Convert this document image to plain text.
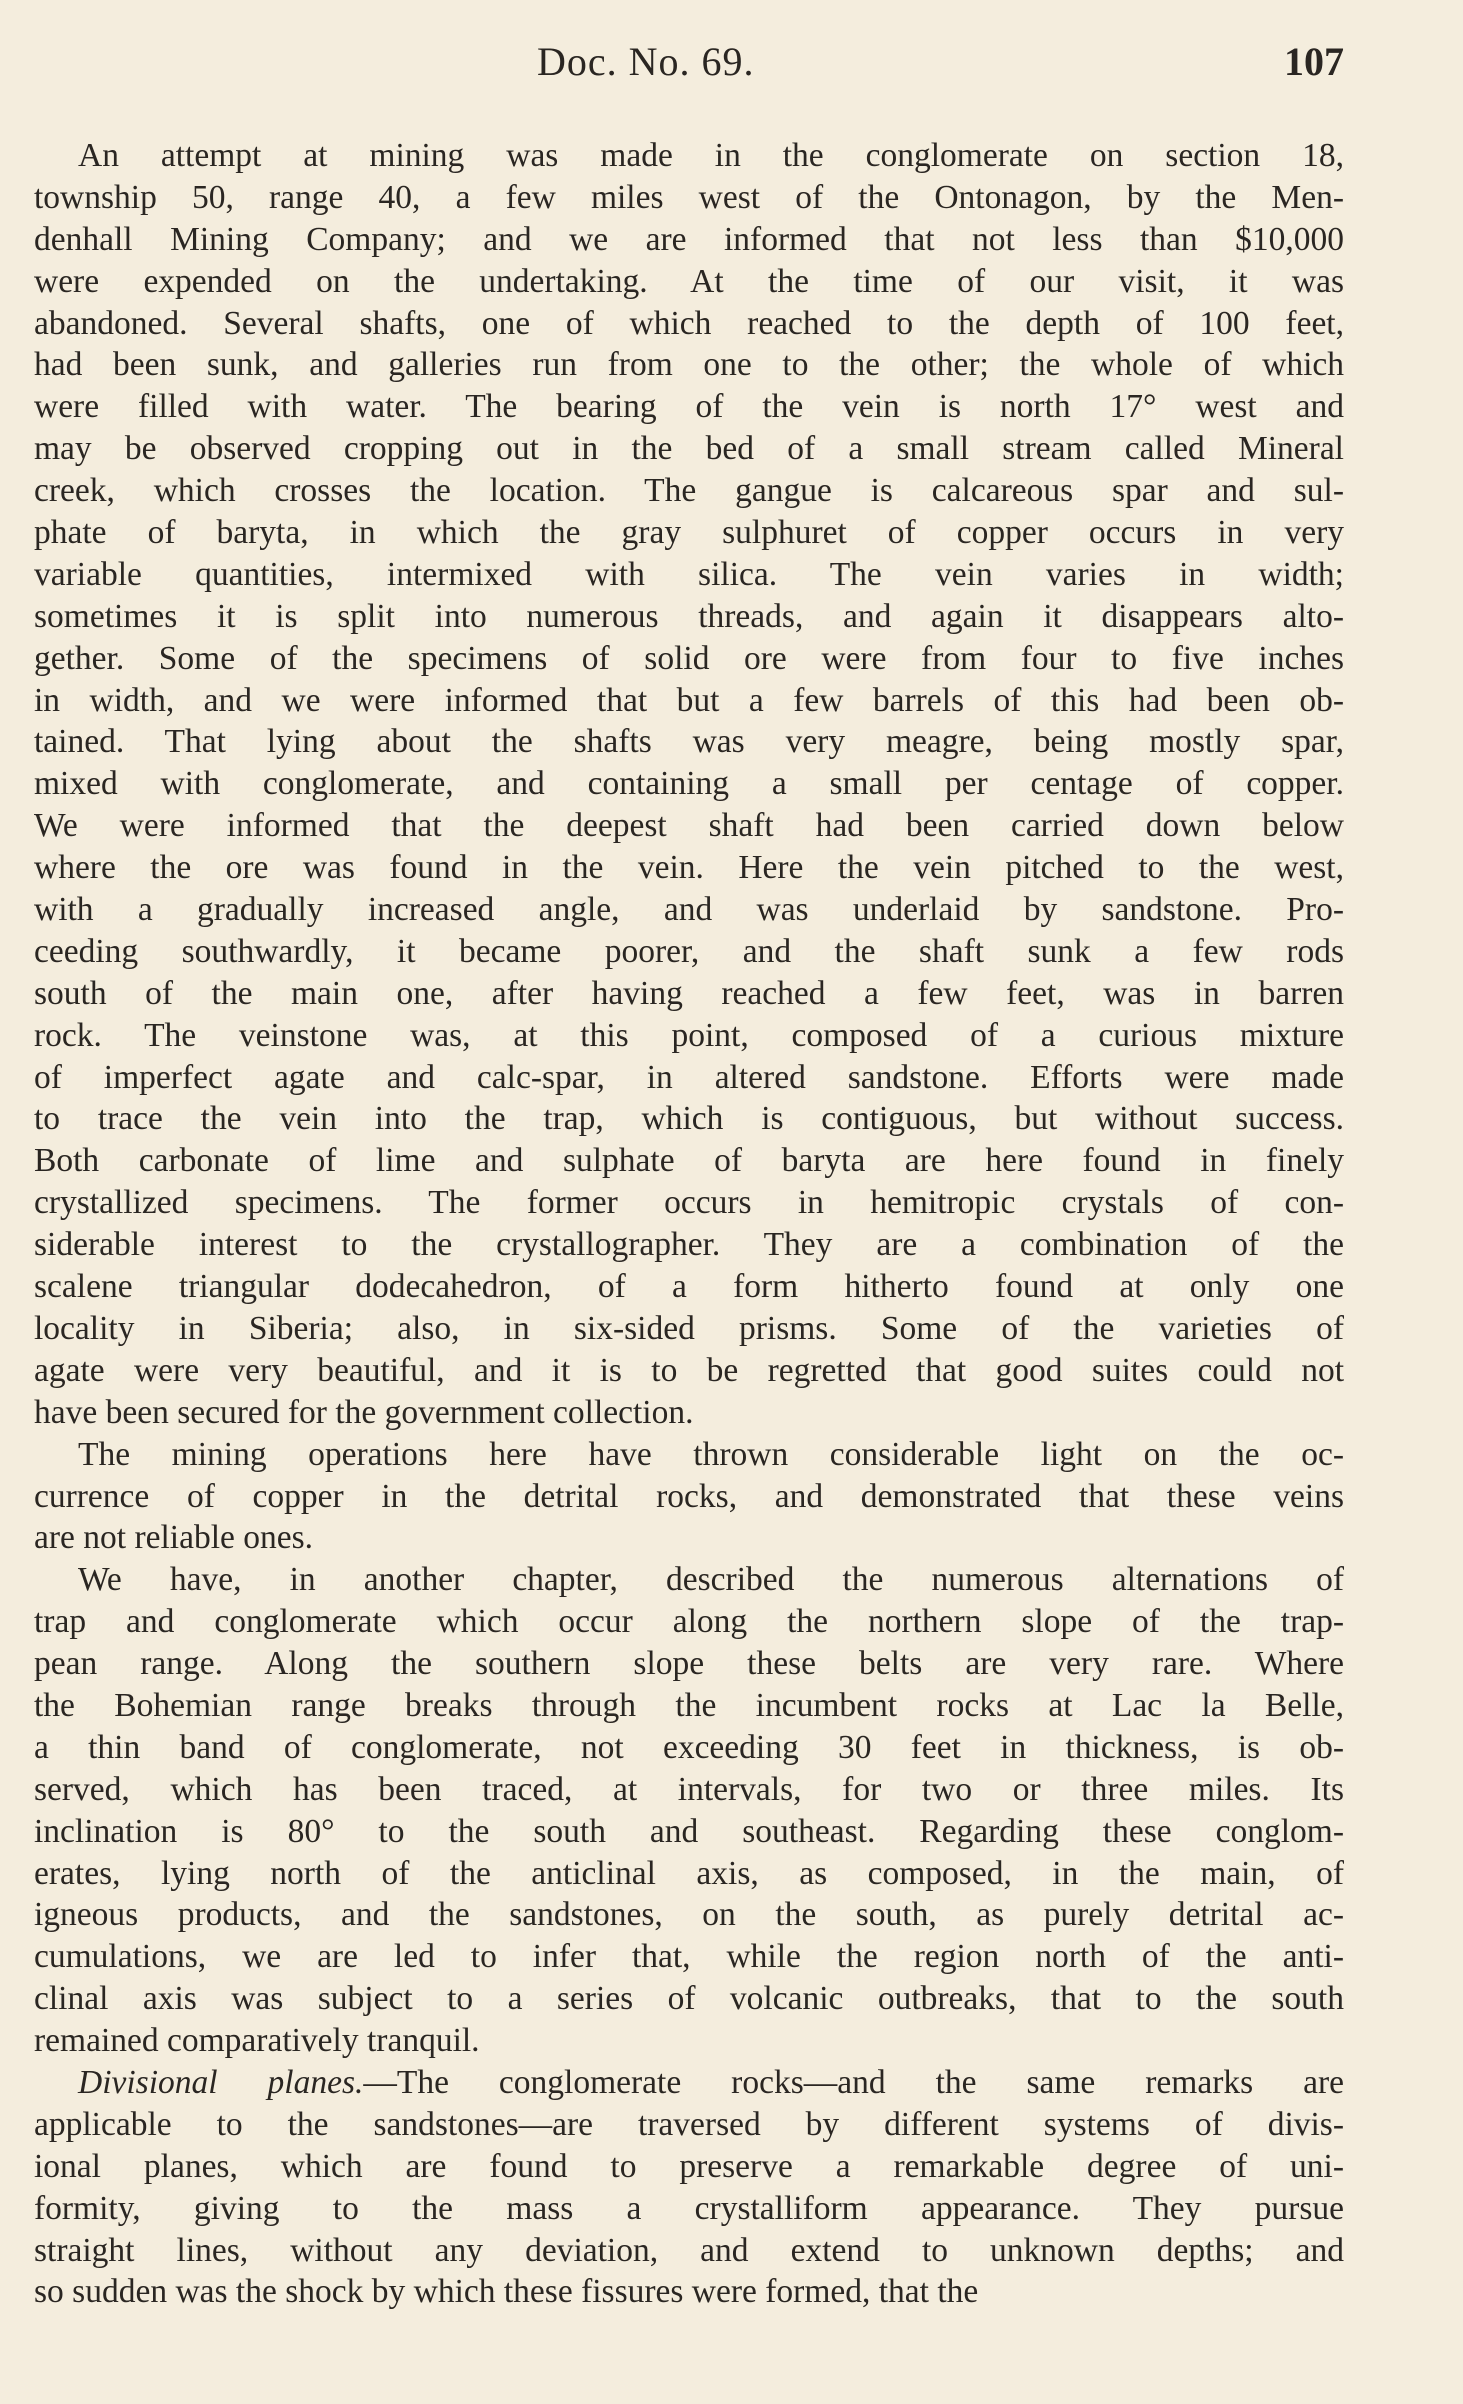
Doc. No. 69.	107
An attempt at mining was made in the conglomerate on section 18,
township 50, range 40, a few miles west of the Ontonagon, by the Men-
denhall Mining Company; and we are informed that not less than $10,000
were expended on the undertaking. At the time of our visit, it was
abandoned. Several shafts, one of which reached to the depth of 100 feet,
had been sunk, and galleries run from one to the other; the whole of which
were filled with water. The bearing of the vein is north 17° west and
may be observed cropping out in the bed of a small stream called Mineral
creek, which crosses the location. The gangue is calcareous spar and sul-
phate of baryta, in which the gray sulphuret of copper occurs in very
variable quantities, intermixed with silica. The vein varies in width;
sometimes it is split into numerous threads, and again it disappears alto-
gether. Some of the specimens of solid ore were from four to five inches
in width, and we were informed that but a few barrels of this had been ob-
tained. That lying about the shafts was very meagre, being mostly spar,
mixed with conglomerate, and containing a small per centage of copper.
We were informed that the deepest shaft had been carried down below
where the ore was found in the vein. Here the vein pitched to the west,
with a gradually increased angle, and was underlaid by sandstone. Pro-
ceeding southwardly, it became poorer, and the shaft sunk a few rods
south of the main one, after having reached a few feet, was in barren
rock. The veinstone was, at this point, composed of a curious mixture
of imperfect agate and calc-spar, in altered sandstone. Efforts were made
to trace the vein into the trap, which is contiguous, but without success.
Both carbonate of lime and sulphate of baryta are here found in finely
crystallized specimens. The former occurs in hemitropic crystals of con-
siderable interest to the crystallographer. They are a combination of the
scalene triangular dodecahedron, of a form hitherto found at only one
locality in Siberia; also, in six-sided prisms. Some of the varieties of
agate were very beautiful, and it is to be regretted that good suites could not
have been secured for the government collection.
The mining operations here have thrown considerable light on the oc-
currence of copper in the detrital rocks, and demonstrated that these veins
are not reliable ones.
We have, in another chapter, described the numerous alternations of
trap and conglomerate which occur along the northern slope of the trap-
pean range. Along the southern slope these belts are very rare. Where
the Bohemian range breaks through the incumbent rocks at Lac la Belle,
a thin band of conglomerate, not exceeding 30 feet in thickness, is ob-
served, which has been traced, at intervals, for two or three miles. Its
inclination is 80° to the south and southeast. Regarding these conglom-
erates, lying north of the anticlinal axis, as composed, in the main, of
igneous products, and the sandstones, on the south, as purely detrital ac-
cumulations, we are led to infer that, while the region north of the anti-
clinal axis was subject to a series of volcanic outbreaks, that to the south
remained comparatively tranquil.
Divisional planes.—The conglomerate rocks—and the same remarks are
applicable to the sandstones—are traversed by different systems of divis-
ional planes, which are found to preserve a remarkable degree of uni-
formity, giving to the mass a crystalliform appearance. They pursue
straight lines, without any deviation, and extend to unknown depths; and
so sudden was the shock by which these fissures were formed, that the
